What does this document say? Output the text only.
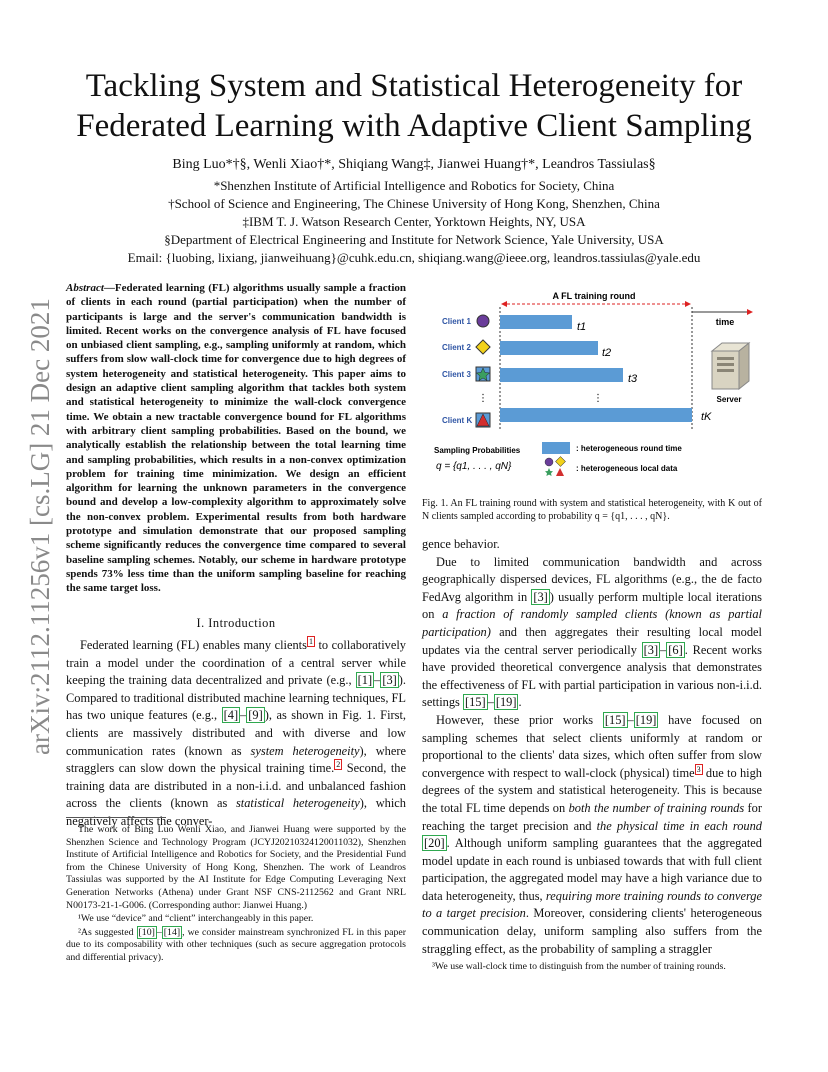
arXiv:2112.11256v1 [cs.LG] 21 Dec 2021
Tackling System and Statistical Heterogeneity for
Federated Learning with Adaptive Client Sampling
Bing Luo*†§, Wenli Xiao†*, Shiqiang Wang‡, Jianwei Huang†*, Leandros Tassiulas§
*Shenzhen Institute of Artificial Intelligence and Robotics for Society, China
†School of Science and Engineering, The Chinese University of Hong Kong, Shenzhen, China
‡IBM T. J. Watson Research Center, Yorktown Heights, NY, USA
§Department of Electrical Engineering and Institute for Network Science, Yale University, USA
Email: {luobing, lixiang, jianweihuang}@cuhk.edu.cn, shiqiang.wang@ieee.org, leandros.tassiulas@yale.edu
Abstract—Federated learning (FL) algorithms usually sample a fraction of clients in each round (partial participation) when the number of participants is large and the server's communication bandwidth is limited. Recent works on the convergence analysis of FL have focused on unbiased client sampling, e.g., sampling uniformly at random, which suffers from slow wall-clock time for convergence due to high degrees of system heterogeneity and statistical heterogeneity. This paper aims to design an adaptive client sampling algorithm that tackles both system and statistical heterogeneity to minimize the wall-clock convergence time. We obtain a new tractable convergence bound for FL algorithms with arbitrary client sampling probabilities. Based on the bound, we analytically establish the relationship between the total learning time and sampling probabilities, which results in a non-convex optimization problem for training time minimization. We design an efficient algorithm for learning the unknown parameters in the convergence bound and develop a low-complexity algorithm to approximately solve the non-convex problem. Experimental results from both hardware prototype and simulation demonstrate that our proposed sampling scheme significantly reduces the convergence time compared to several baseline sampling schemes. Notably, our scheme in hardware prototype spends 73% less time than the uniform sampling baseline for reaching the same target loss.
I. Introduction

Federated learning (FL) enables many clients $^1$ to collaboratively train a model under the coordination of a central server while keeping the training data decentralized and private (e.g., [1] – [3] ). Compared to traditional distributed machine learning techniques, FL has two unique features (e.g., [4] – [9] ), as shown in Fig. 1. First, clients are massively distributed and with diverse and low communication rates (known as system heterogeneity), where stragglers can slow down the physical training time. $^2$ Second, the training data are distributed in a non-i.i.d. and unbalanced fashion across the clients (known as statistical heterogeneity), which negatively affects the conver-

The work of Bing Luo Wenli Xiao, and Jianwei Huang were supported by the Shenzhen Science and Technology Program (JCYJ20210324120011032), Shenzhen Institute of Artificial Intelligence and Robotics for Society, and the Presidential Fund from the Chinese University of Hong Kong, Shenzhen. The work of Leandros Tassiulas was supported by the AI Institute for Edge Computing Leveraging Next Generation Networks (Athena) under Grant NSF CNS-2112562 and Grant NRL N00173-21-1-G006. (Corresponding author: Jianwei Huang.)

¹We use “device” and “client” interchangeably in this paper.

²As suggested [10] – [14] , we consider mainstream synchronized FL in this paper due to its composability with other techniques (such as secure aggregation protocols and differential privacy).

A FL training round
time
Client 1	t1
Client 2	t2
Client 3	t3
⋮	⋮
Client K	tK
Server
Sampling Probabilities
q = {q1, . . . , qN}
: heterogeneous round time
: heterogeneous local data
Fig. 1. An FL training round with system and statistical heterogeneity, with K out of N clients sampled according to probability q = {q1, . . . , qN}.

gence behavior.

Due to limited communication bandwidth and across geographically dispersed devices, FL algorithms (e.g., the de facto FedAvg algorithm in [3] ) usually perform multiple local iterations on a fraction of randomly sampled clients (known as partial participation) and then aggregates their resulting local model updates via the central server periodically [3] – [6] . Recent works have provided theoretical convergence analysis that demonstrates the effectiveness of FL with partial participation in various non-i.i.d. settings [15] – [19] .

However, these prior works [15] – [19] have focused on sampling schemes that select clients uniformly at random or proportional to the clients' data sizes, which often suffer from slow convergence with respect to wall-clock (physical) time $^3$ due to high degrees of the system and statistical heterogeneity. This is because the total FL time depends on both the number of training rounds for reaching the target precision and the physical time in each round [20] . Although uniform sampling guarantees that the aggregated model update in each round is unbiased towards that with full client participation, the aggregated model may have a high variance due to data heterogeneity, thus, requiring more training rounds to converge to a target precision. Moreover, considering clients' heterogeneous communication delay, uniform sampling also suffers from the straggling effect, as the probability of sampling a straggler

³We use wall-clock time to distinguish from the number of training rounds.
